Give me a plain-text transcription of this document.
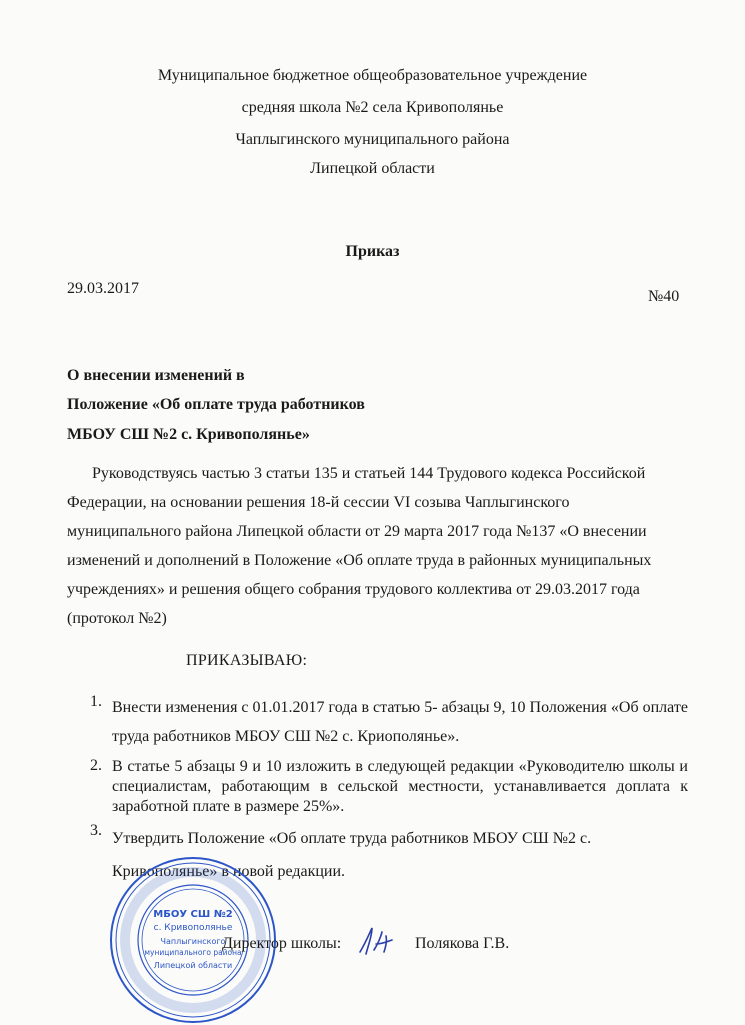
Муниципальное бюджетное общеобразовательное учреждение
средняя школа №2 села Кривополянье
Чаплыгинского муниципального района
Липецкой области
Приказ
29.03.2017	№40
О внесении изменений в
Положение «Об оплате труда работников
МБОУ СШ №2 с. Кривополянье»
Руководствуясь частью 3 статьи 135 и статьей 144 Трудового кодекса Российской Федерации, на основании решения 18-й сессии VI созыва Чаплыгинского муниципального района Липецкой области от 29 марта 2017 года №137 «О внесении изменений и дополнений в Положение «Об оплате труда в районных муниципальных учреждениях» и решения общего собрания трудового коллектива от 29.03.2017 года (протокол №2)
ПРИКАЗЫВАЮ:
1. Внести изменения с 01.01.2017 года в статью 5- абзацы 9, 10 Положения «Об оплате труда работников МБОУ СШ №2 с. Криополянье».
2. В статье 5 абзацы 9 и 10 изложить в следующей редакции «Руководителю школы и специалистам, работающим в сельской местности, устанавливается доплата к заработной плате в размере 25%».
3. Утвердить Положение «Об оплате труда работников МБОУ СШ №2 с. Кривополянье» в новой редакции.
МБОУ СШ №2
с. Кривополянье
Чаплыгинского
муниципального района
Липецкой области
Директор школы:	Полякова Г.В.
